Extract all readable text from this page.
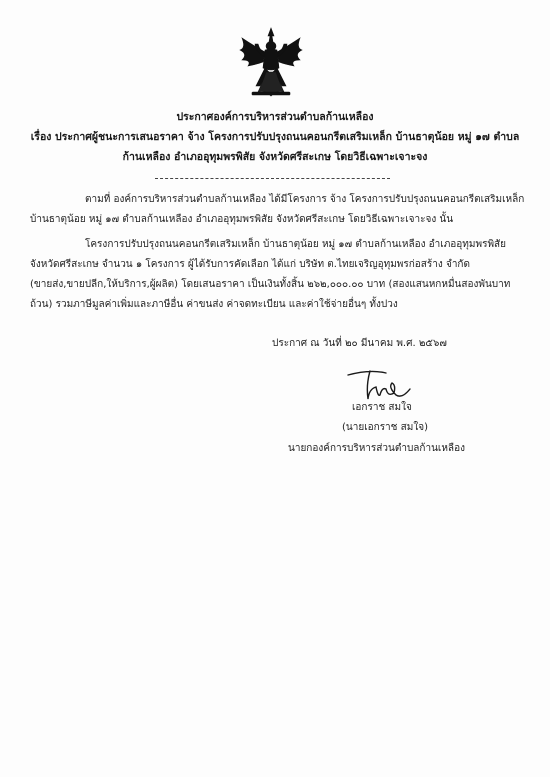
ประกาศองค์การบริหารส่วนตำบลก้านเหลือง
เรื่อง ประกาศผู้ชนะการเสนอราคา จ้าง โครงการปรับปรุงถนนคอนกรีตเสริมเหล็ก บ้านธาตุน้อย หมู่ ๑๗ ตำบล
ก้านเหลือง อำเภออุทุมพรพิสัย จังหวัดศรีสะเกษ โดยวิธีเฉพาะเจาะจง
ตามที่ องค์การบริหารส่วนตำบลก้านเหลือง ได้มีโครงการ จ้าง โครงการปรับปรุงถนนคอนกรีตเสริมเหล็ก
บ้านธาตุน้อย หมู่ ๑๗ ตำบลก้านเหลือง อำเภออุทุมพรพิสัย จังหวัดศรีสะเกษ โดยวิธีเฉพาะเจาะจง นั้น
โครงการปรับปรุงถนนคอนกรีตเสริมเหล็ก บ้านธาตุน้อย หมู่ ๑๗ ตำบลก้านเหลือง อำเภออุทุมพรพิสัย
จังหวัดศรีสะเกษ จำนวน ๑ โครงการ ผู้ได้รับการคัดเลือก ได้แก่ บริษัท ต.ไทยเจริญอุทุมพรก่อสร้าง จำกัด
(ขายส่ง,ขายปลีก,ให้บริการ,ผู้ผลิต) โดยเสนอราคา เป็นเงินทั้งสิ้น ๒๖๒,๐๐๐.๐๐ บาท (สองแสนหกหมื่นสองพันบาท
ถ้วน) รวมภาษีมูลค่าเพิ่มและภาษีอื่น ค่าขนส่ง ค่าจดทะเบียน และค่าใช้จ่ายอื่นๆ ทั้งปวง
ประกาศ ณ วันที่ ๒๐ มีนาคม พ.ศ. ๒๕๖๗
เอกราช สมใจ
(นายเอกราช สมใจ)
นายกองค์การบริหารส่วนตำบลก้านเหลือง
